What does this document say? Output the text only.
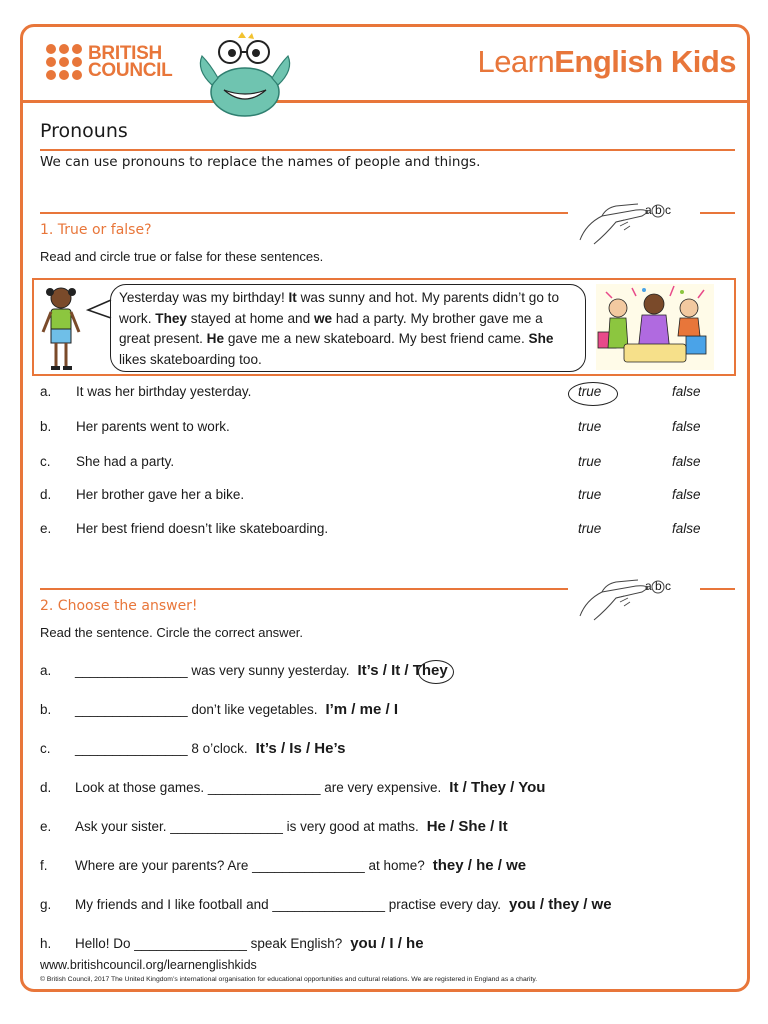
BRITISH
COUNCIL	LearnEnglish Kids
Pronouns
We can use pronouns to replace the names of people and things.
a b c
1. True or false?
Read and circle true or false for these sentences.
Yesterday was my birthday! It was sunny and hot. My parents didn’t go to work. They stayed at home and we had a party. My brother gave me a great present. He gave me a new skateboard. My best friend came. She likes skateboarding too.
a. It was her birthday yesterday.	true	false
b. Her parents went to work.	true	false
c. She had a party.	true	false
d. Her brother gave her a bike.	true	false
e. Her best friend doesn’t like skateboarding.	true	false
a b c
2. Choose the answer!
Read the sentence. Circle the correct answer.
a.	_______________ was very sunny yesterday. It’s / It / They
b.	_______________ don’t like vegetables. I’m / me / I
c.	_______________ 8 o’clock. It’s / Is / He’s
d.	Look at those games. _______________ are very expensive. It / They / You
e.	Ask your sister. _______________ is very good at maths. He / She / It
f.	Where are your parents? Are _______________ at home? they / he / we
g.	My friends and I like football and _______________ practise every day. you / they / we
h.	Hello! Do _______________ speak English? you / I / he
www.britishcouncil.org/learnenglishkids
© British Council, 2017 The United Kingdom’s international organisation for educational opportunities and cultural relations. We are registered in England as a charity.
